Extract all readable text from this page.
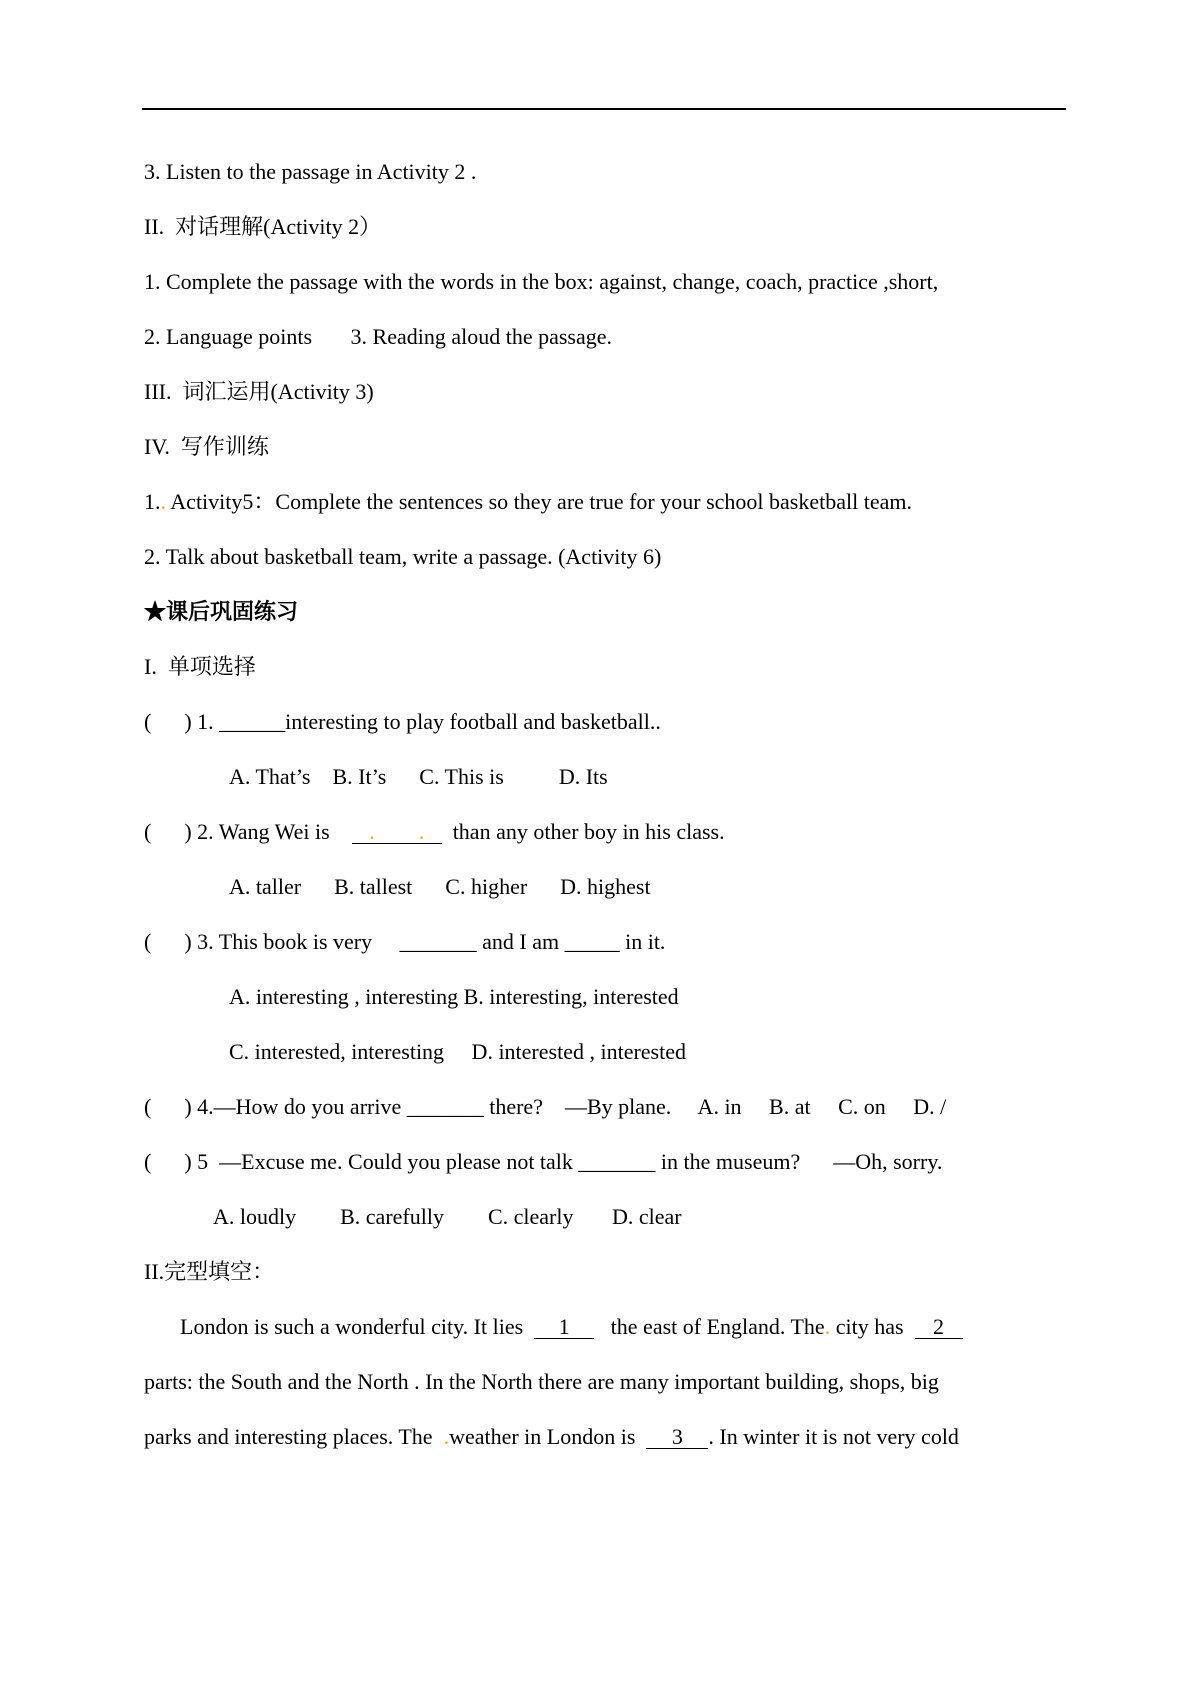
3. Listen to the passage in Activity 2 .
II.  对话理解(Activity 2）
1. Complete the passage with the words in the box: against, change, coach, practice ,short,
2. Language points       3. Reading aloud the passage.
III.  词汇运用(Activity 3)
IV.  写作训练
1.. Activity5：Complete the sentences so they are true for your school basketball team.
2. Talk about basketball team, write a passage. (Activity 6)
★课后巩固练习
I.  单项选择
(      ) 1. ______interesting to play football and basketball..
A. That’s    B. It’s      C. This is          D. Its
(      ) 2. Wang Wei is    . . than any other boy in his class.
A. taller      B. tallest      C. higher      D. highest
(      ) 3. This book is very     _______ and I am _____ in it.
A. interesting , interesting B. interesting, interested
C. interested, interesting     D. interested , interested
(      ) 4.—How do you arrive _______ there?    —By plane.     A. in     B. at     C. on     D. /
(      ) 5  —Excuse me. Could you please not talk _______ in the museum?      —Oh, sorry.
A. loudly        B. carefully        C. clearly       D. clear
II.完型填空：
London is such a wonderful city. It lies  1   the east of England. The. city has  2
parts: the South and the North . In the North there are many important building, shops, big
parks and interesting places. The  .weather in London is  3 . In winter it is not very cold
